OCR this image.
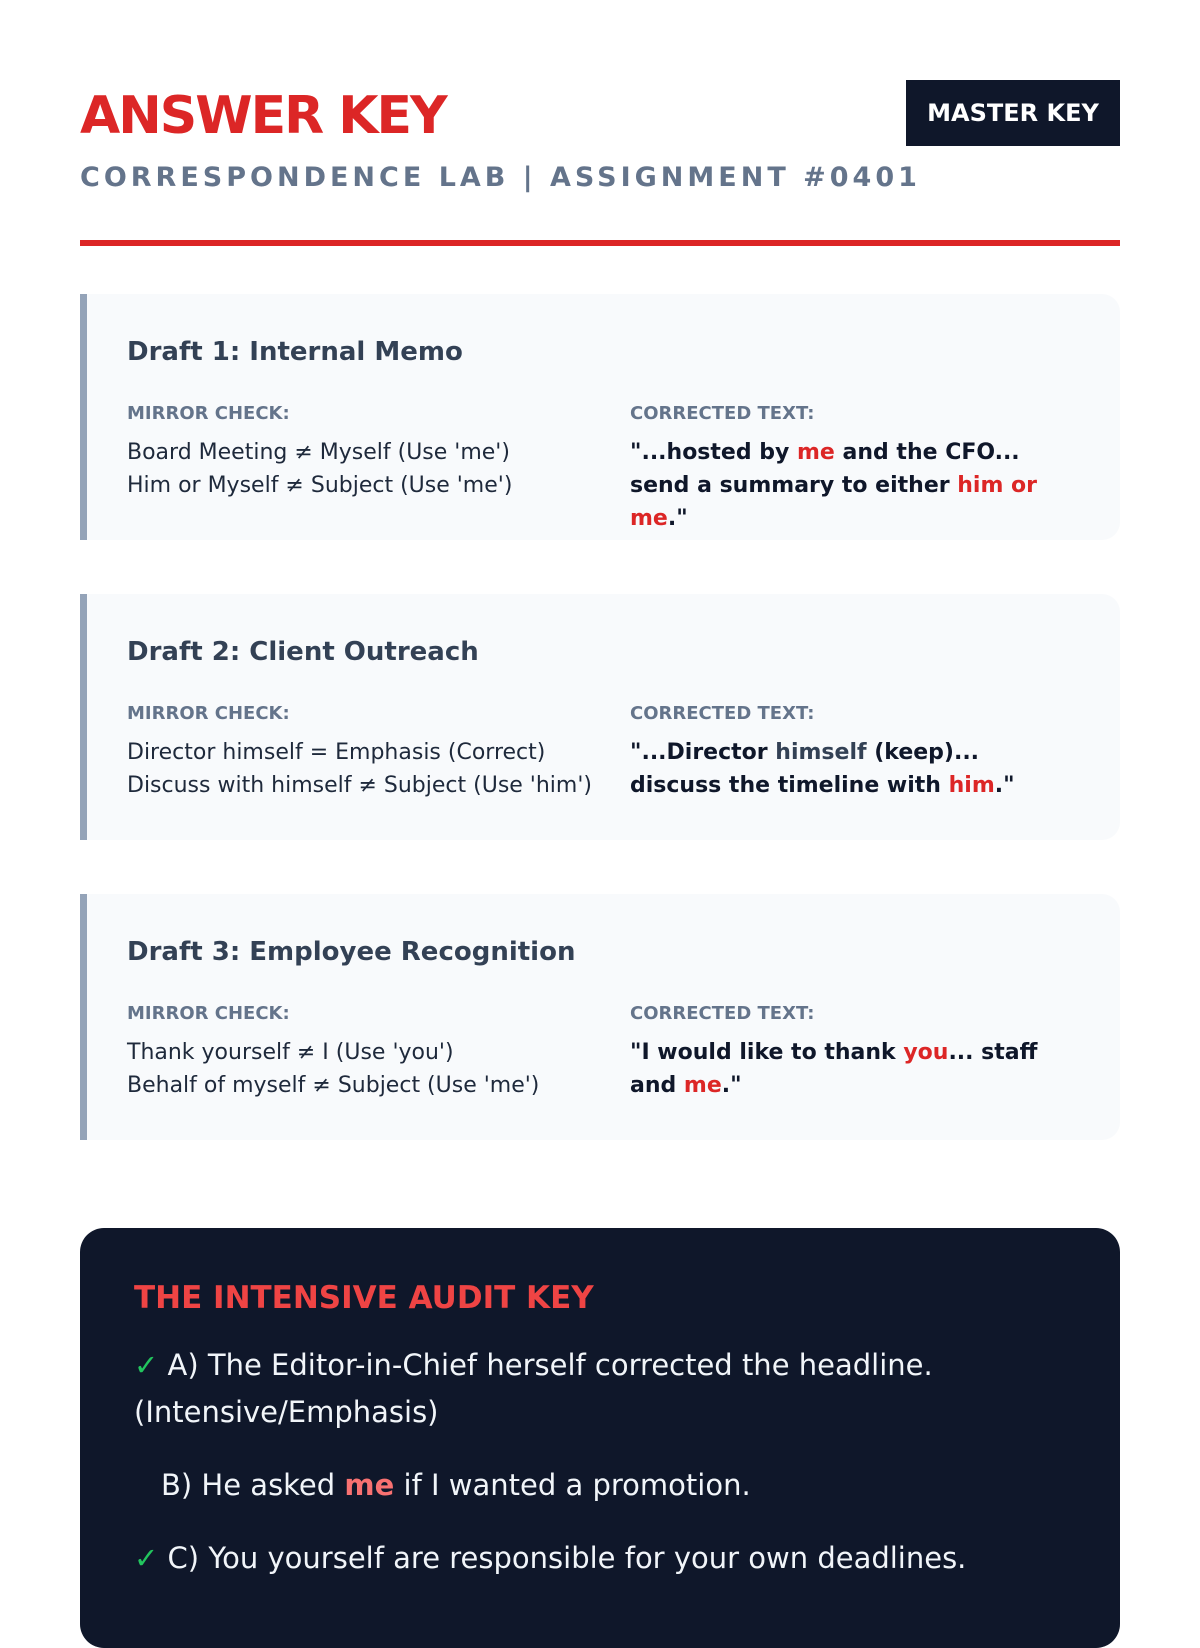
ANSWER KEY
CORRESPONDENCE LAB | ASSIGNMENT #0401
MASTER KEY
Draft 1: Internal Memo
MIRROR CHECK:
Board Meeting ≠ Myself (Use 'me')
Him or Myself ≠ Subject (Use 'me')
CORRECTED TEXT:
"...hosted by me and the CFO... send a summary to either him or me."
Draft 2: Client Outreach
MIRROR CHECK:
Director himself = Emphasis (Correct)
Discuss with himself ≠ Subject (Use 'him')
CORRECTED TEXT:
"...Director himself (keep)... discuss the timeline with him."
Draft 3: Employee Recognition
MIRROR CHECK:
Thank yourself ≠ I (Use 'you')
Behalf of myself ≠ Subject (Use 'me')
CORRECTED TEXT:
"I would like to thank you... staff and me."
THE INTENSIVE AUDIT KEY
✓ A) The Editor-in-Chief herself corrected the headline. (Intensive/Emphasis)
B) He asked me if I wanted a promotion.
✓ C) You yourself are responsible for your own deadlines.
